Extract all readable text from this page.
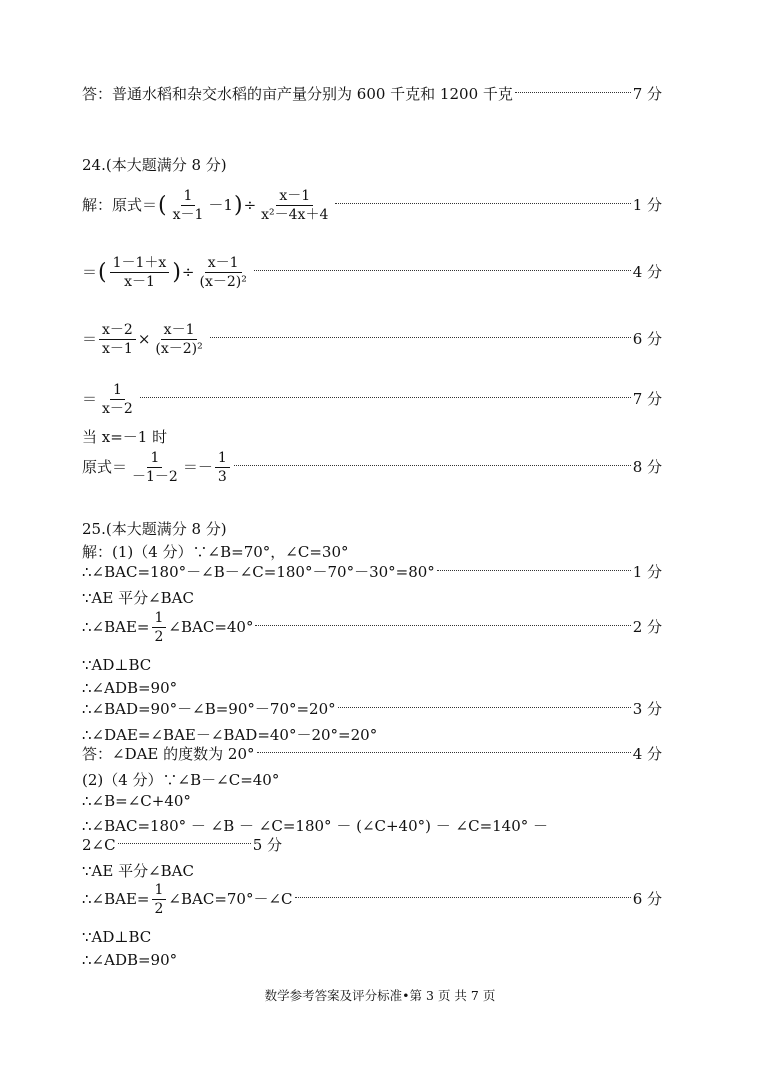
答：普通水稻和杂交水稻的亩产量分别为 600 千克和 1200 千克	7 分
24.(本大题满分 8 分)
解：原式＝ ( $\frac{1}{x-1} -1$ ) ÷ $\frac{x-1}{\text{x²－4x＋4}}$	1 分
＝ ( $\frac{1-1+x}{x-1}$ ) ÷ $\frac{x-1}{\text{(x－2)²}}$	4 分
＝ $\frac{x-2}{x-1} \times \frac{x-1}{\text{(x－2)²}}$	6 分
＝ $\frac{1}{x-2}$	7 分
当 x=－1 时
原式＝ $\frac{1}{-1-2} =- \frac{1}{3}$	8 分
25.(本大题满分 8 分)
解：(1)（4 分）∵∠B=70°，∠C=30°
∴∠BAC=180°－∠B－∠C=180°－70°－30°=80°	1 分
∵AE 平分∠BAC
∴∠BAE= $\frac{1}{2}$ ∠BAC=40°	2 分
∵AD⊥BC
∴∠ADB=90°
∴∠BAD=90°－∠B=90°－70°=20°	3 分
∴∠DAE=∠BAE－∠BAD=40°－20°=20°
答：∠DAE 的度数为 20°	4 分
(2)（4 分）∵∠B－∠C=40°
∴∠B=∠C+40°
∴∠BAC=180° － ∠B － ∠C=180° － (∠C+40°) － ∠C=140° －
2∠C	5 分
∵AE 平分∠BAC
∴∠BAE= $\frac{1}{2}$ ∠BAC=70°－∠C	6 分
∵AD⊥BC
∴∠ADB=90°
数学参考答案及评分标准•第 3 页 共 7 页
